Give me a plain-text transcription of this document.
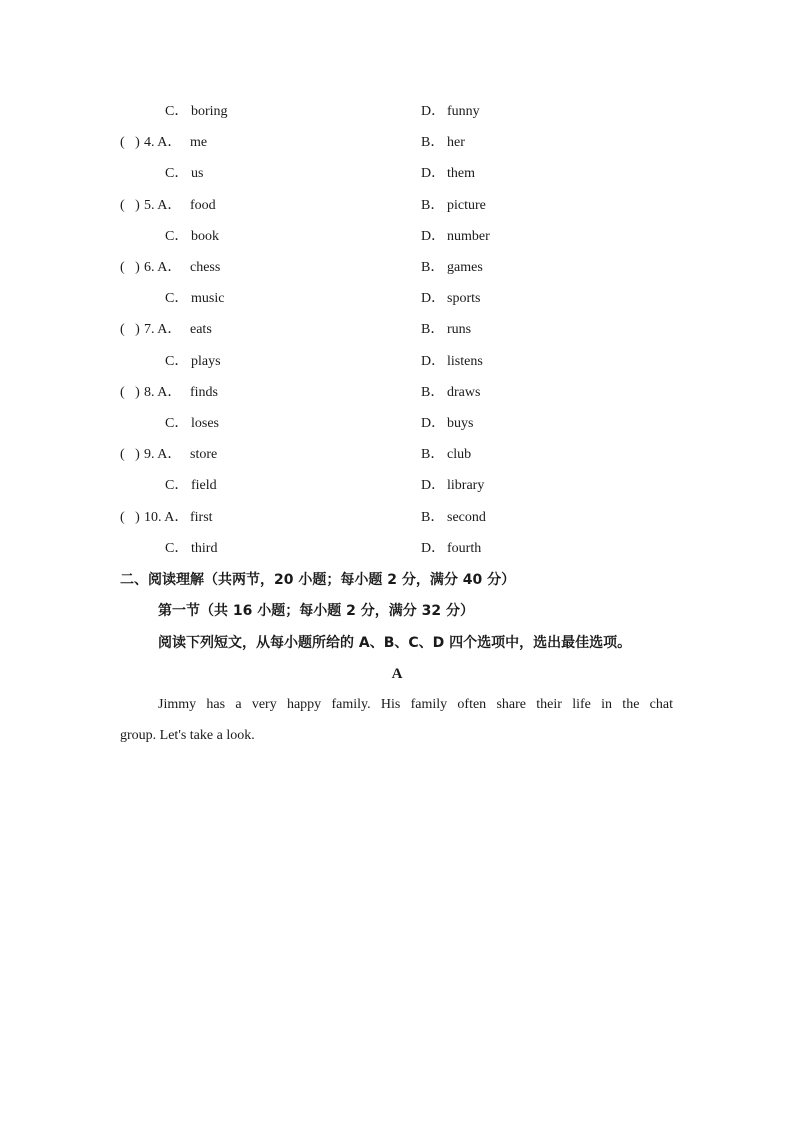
C． boring	D． funny
(   ) 4. A． me	B． her
C． us	D． them
(   ) 5. A． food	B． picture
C． book	D． number
(   ) 6. A． chess	B． games
C． music	D． sports
(   ) 7. A． eats	B． runs
C． plays	D． listens
(   ) 8. A． finds	B． draws
C． loses	D． buys
(   ) 9. A． store	B． club
C． field	D． library
(   ) 10. A． first	B． second
C． third	D． fourth
二、阅读理解（共两节，20 小题；每小题 2 分，满分 40 分）
第一节（共 16 小题；每小题 2 分，满分 32 分）
阅读下列短文，从每小题所给的 A、B、C、D 四个选项中，选出最佳选项。
A
Jimmy has a very happy family. His family often share their life in the chat
group. Let's take a look.
